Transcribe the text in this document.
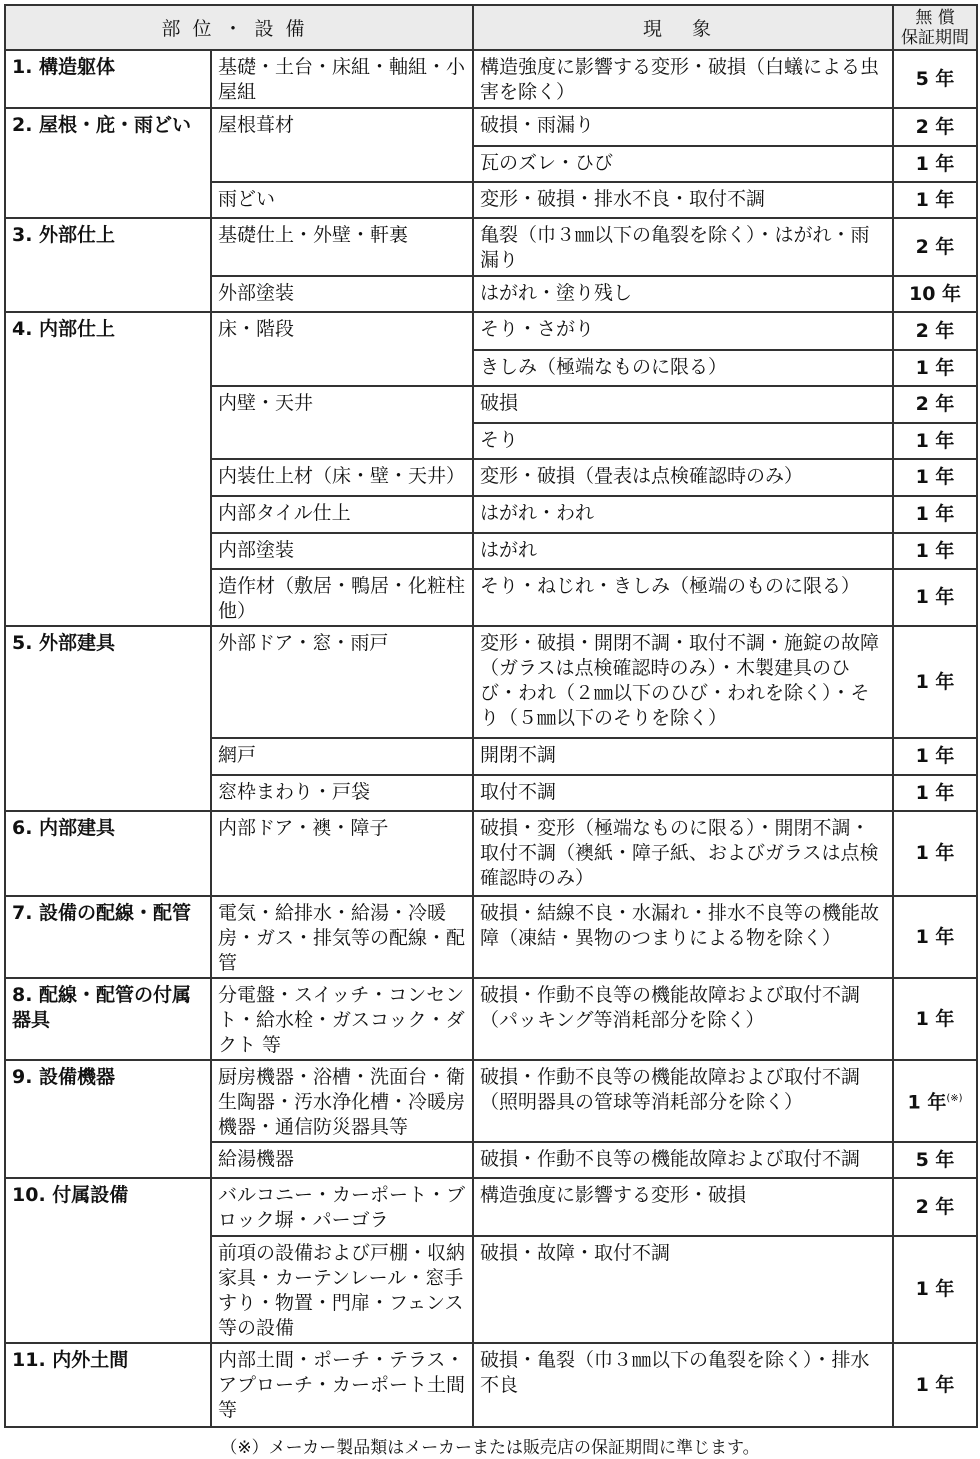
部位・設備		現 象	無 償
保証期間

1. 構造躯体	基礎・土台・床組・軸組・小屋組	構造強度に影響する変形・破損（白蟻による虫害を除く）	5 年
2. 屋根・庇・雨どい	屋根葺材	破損・雨漏り	2 年
		瓦のズレ・ひび	1 年
	雨どい	変形・破損・排水不良・取付不調	1 年
3. 外部仕上	基礎仕上・外壁・軒裏	亀裂（巾３㎜以下の亀裂を除く）・はがれ・雨漏り	2 年
	外部塗装	はがれ・塗り残し	10 年
4. 内部仕上	床・階段	そり・さがり	2 年
		きしみ（極端なものに限る）	1 年
	内壁・天井	破損	2 年
		そり	1 年
	内装仕上材（床・壁・天井）	変形・破損（畳表は点検確認時のみ）	1 年
	内部タイル仕上	はがれ・われ	1 年
	内部塗装	はがれ	1 年
	造作材（敷居・鴨居・化粧柱他）	そり・ねじれ・きしみ（極端のものに限る）	1 年
5. 外部建具	外部ドア・窓・雨戸	変形・破損・開閉不調・取付不調・施錠の故障（ガラスは点検確認時のみ）・木製建具のひび・われ（２㎜以下のひび・われを除く）・そり（５㎜以下のそりを除く）	1 年
	網戸	開閉不調	1 年
	窓枠まわり・戸袋	取付不調	1 年
6. 内部建具	内部ドア・襖・障子	破損・変形（極端なものに限る）・開閉不調・取付不調（襖紙・障子紙、およびガラスは点検確認時のみ）	1 年
7. 設備の配線・配管	電気・給排水・給湯・冷暖房・ガス・排気等の配線・配管	破損・結線不良・水漏れ・排水不良等の機能故障（凍結・異物のつまりによる物を除く）	1 年
8. 配線・配管の付属器具	分電盤・スイッチ・コンセント・給水栓・ガスコック・ダクト 等	破損・作動不良等の機能故障および取付不調（パッキング等消耗部分を除く）	1 年
9. 設備機器	厨房機器・浴槽・洗面台・衛生陶器・汚水浄化槽・冷暖房機器・通信防災器具等	破損・作動不良等の機能故障および取付不調（照明器具の管球等消耗部分を除く）	1 年(※)
	給湯機器	破損・作動不良等の機能故障および取付不調	5 年
10. 付属設備	バルコニー・カーポート・ブロック塀・パーゴラ	構造強度に影響する変形・破損	2 年
	前項の設備および戸棚・収納家具・カーテンレール・窓手すり・物置・門扉・フェンス等の設備	破損・故障・取付不調	1 年
11. 内外土間	内部土間・ポーチ・テラス・アプローチ・カーポート土間等	破損・亀裂（巾３㎜以下の亀裂を除く）・排水不良	1 年
（※）メーカー製品類はメーカーまたは販売店の保証期間に準じます。
